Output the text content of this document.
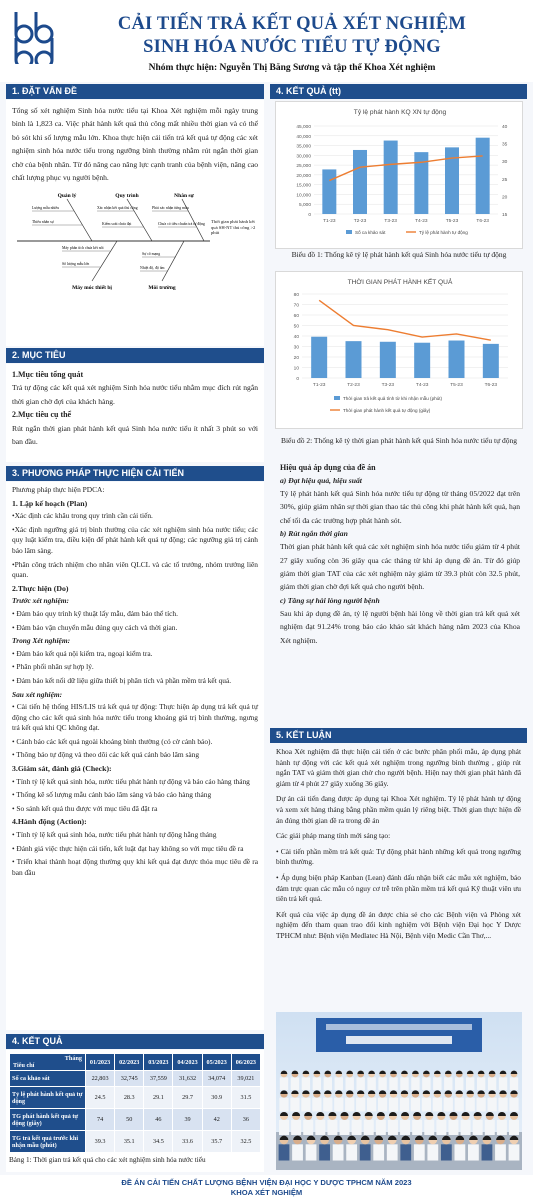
CẢI TIẾN TRẢ KẾT QUẢ XÉT NGHIỆM
SINH HÓA NƯỚC TIỂU TỰ ĐỘNG
Nhóm thực hiện: Nguyễn Thị Băng Sương và tập thể Khoa Xét nghiệm
1. ĐẶT VẤN ĐỀ
Tổng số xét nghiệm Sinh hóa nước tiểu tại Khoa Xét nghiệm mỗi ngày trung bình là 1,823 ca. Việc phát hành kết quả thủ công mất nhiều thời gian và có thể bỏ sót khi số lượng mẫu lớn. Khoa thực hiện cải tiến trả kết quả tự động các xét nghiệm sinh hóa nước tiểu trong ngưỡng bình thường nhằm rút ngắn thời gian chờ của bệnh nhân. Từ đó nâng cao năng lực cạnh tranh của bệnh viện, nâng cao chất lượng phục vụ người bệnh.
Quản lý	Quy trình	Nhân sự
Máy móc thiết bị	Môi trường
Lượng mẫu nhiều
Thiếu nhân sự
Xác nhận kết quả thủ công
Kiểm soát chưa đạt
Phải xác nhận từng mẫu
Chưa có tiêu chuẩn trả tự động
Máy phân tích chưa kết nối
Số lượng mẫu lớn
Sự cố mạng
Nhiệt độ, độ ẩm
Thời gian phát hành kết quả SH-NT thủ công >2 phút
2. MỤC TIÊU
1.Mục tiêu tổng quát
Trả tự động các kết quả xét nghiệm Sinh hóa nước tiểu nhằm mục đích rút ngắn thời gian chờ đợi của khách hàng.
2.Mục tiêu cụ thể
Rút ngắn thời gian phát hành kết quả Sinh hóa nước tiểu ít nhất 3 phút so với ban đầu.
3. PHƯƠNG PHÁP THỰC HIỆN CẢI TIẾN
Phương pháp thực hiện PDCA:
1. Lập kế hoạch (Plan)
•Xác định các khâu trong quy trình cần cải tiến.
•Xác định ngưỡng giá trị bình thường của các xét nghiệm sinh hóa nước tiểu; các quy luật kiểm tra, điều kiện để phát hành kết quả tự động; các ngưỡng giá trị cảnh báo lâm sàng.
•Phân công trách nhiệm cho nhân viên QLCL và các tổ trưởng, nhóm trưởng liên quan.
2.Thực hiện (Do)
Trước xét nghiệm:
• Đảm bảo quy trình kỹ thuật lấy mẫu, đảm bảo thể tích.
• Đảm bảo vận chuyển mẫu đúng quy cách và thời gian.
Trong Xét nghiệm:
• Đảm bảo kết quả nội kiểm tra, ngoại kiểm tra.
• Phân phối nhân sự hợp lý.
• Đảm bảo kết nối dữ liệu giữa thiết bị phân tích và phần mềm trả kết quả.
Sau xét nghiệm:
• Cài tiến hệ thống HIS/LIS trả kết quả tự động: Thực hiện áp dụng trả kết quả tự động cho các kết quả sinh hóa nước tiểu trong khoảng giá trị bình thường, ngưng trả kết quả khi QC không đạt.
• Cảnh báo các kết quả ngoài khoảng bình thường (có cờ cảnh báo).
• Thông báo tự động và theo dõi các kết quả cảnh báo lâm sàng
3.Giám sát, đánh giá (Check):
• Tính tỷ lệ kết quả sinh hóa, nước tiểu phát hành tự động và báo cáo hàng tháng
• Thống kê số lượng mẫu cảnh báo lâm sàng và báo cáo hàng tháng
• So sánh kết quả thu được với mục tiêu đã đặt ra
4.Hành động (Action):
• Tính tỷ lệ kết quả sinh hóa, nước tiểu phát hành tự động hằng tháng
• Đánh giá việc thực hiện cải tiến, kết luật đạt hay không so với mục tiêu đề ra
• Triển khai thành hoạt động thường quy khi kết quả đạt được thỏa mục tiêu đề ra ban đầu
4. KẾT QUẢ
Tháng
Tiêu chí	01/2023	02/2023	03/2023	04/2023	05/2023	06/2023
Số ca khảo sát	22,803	32,745	37,559	31,632	34,074	39,021
Tỷ lệ phát hành kết quả tự động	24.5	28.3	29.1	29.7	30.9	31.5
TG phát hành kết quả tự động (giây)	74	50	46	39	42	36
TG trả kết quả trước khi nhận mẫu (phút)	39.3	35.1	34.5	33.6	35.7	32.5
Bảng 1: Thời gian trả kết quả cho các xét nghiệm sinh hóa nước tiểu
4. KẾT QUẢ (tt)
Tỷ lệ phát hành KQ XN tự động
0
5,000
10,000
15,000
20,000
25,000
30,000
35,000
40,000
45,000
15
20
25
30
35
40
T1-23	T2-23	T3-23	T4-23	T5-23	T6-23
Số ca khảo sát	Tỷ lệ phát hành tự động
Biểu đồ 1: Thống kê tỷ lệ phát hành kết quả Sinh hóa nước tiểu tự động
THỜI GIAN PHÁT HÀNH KẾT QUẢ
0
10
20
30
40
50
60
70
80
T1-23	T2-23	T3-23	T4-23	T5-23	T6-23
Thời gian trả kết quả tính từ khi nhận mẫu (phút)
Thời gian phát hành kết quả tự động (giây)
Biểu đồ 2: Thống kê tỷ thời gian phát hành kết quả Sinh hóa nước tiểu tự động
Hiệu quả áp dụng của đề án
a) Đạt hiệu quả, hiệu suất
Tỷ lệ phát hành kết quả Sinh hóa nước tiểu tự động từ tháng 05/2022 đạt trên 30%, giúp giảm nhân sự thời gian thao tác thủ công khi phát hành kết quả, hạn chế tối đa các trường hợp phát hành sót.
b) Rút ngắn thời gian
Thời gian phát hành kết quả các xét nghiệm sinh hóa nước tiểu giảm từ 4 phút 27 giây xuống còn 36 giây qua các tháng từ khi áp dụng đề án. Từ đó giúp giảm thời gian TAT của các xét nghiệm này giảm từ 39.3 phút còn 32.5 phút, giảm thời gian chờ đợi kết quả cho người bệnh.
c) Tăng sự hài lòng người bệnh
Sau khi áp dụng đề án, tỷ lệ người bệnh hài lòng về thời gian trả kết quả xét nghiệm đạt 91.24% trong báo cáo khảo sát khách hàng năm 2023 của Khoa Xét nghiệm.
5. KẾT LUẬN
Khoa Xét nghiệm đã thực hiện cải tiến ở các bước phân phối mẫu, áp dụng phát hành tự động với các kết quả xét nghiệm trong ngưỡng bình thường , giúp rút ngắn TAT và giảm thời gian chờ cho người bệnh. Hiện nay thời gian phát hành đã giảm từ 4 phút 27 giây xuống 36 giây.
Dự án cải tiến đang được áp dụng tại Khoa Xét nghiệm. Tỷ lệ phát hành tự động và xem xét hàng tháng bằng phần mềm quản lý riêng biệt. Thời gian thực hiện đề án đúng thời gian đề ra trong đề án
Các giải pháp mang tính mới sáng tạo:
• Cài tiến phần mềm trả kết quả: Tự động phát hành những kết quả trong ngưỡng bình thường.
• Áp dụng biện pháp Kanban (Lean) đánh dấu nhận biết các mẫu xét nghiệm, bảo đảm trực quan các mẫu có nguy cơ trễ trên phần mềm trả kết quả Kỹ thuật viên ưu tiên trả kết quả.
Kết quả của việc áp dụng đề án được chia sẻ cho các Bệnh viện và Phòng xét nghiệm đến tham quan trao đổi kinh nghiệm với Bệnh viện Đại học Y Dược TPHCM như: Bệnh viện Medlatec Hà Nội, Bệnh viện Medic Cần Thơ,...
ĐỀ ÁN CẢI TIẾN CHẤT LƯỢNG BỆNH VIỆN ĐẠI HỌC Y DƯỢC TPHCM NĂM 2023
KHOA XÉT NGHIỆM
